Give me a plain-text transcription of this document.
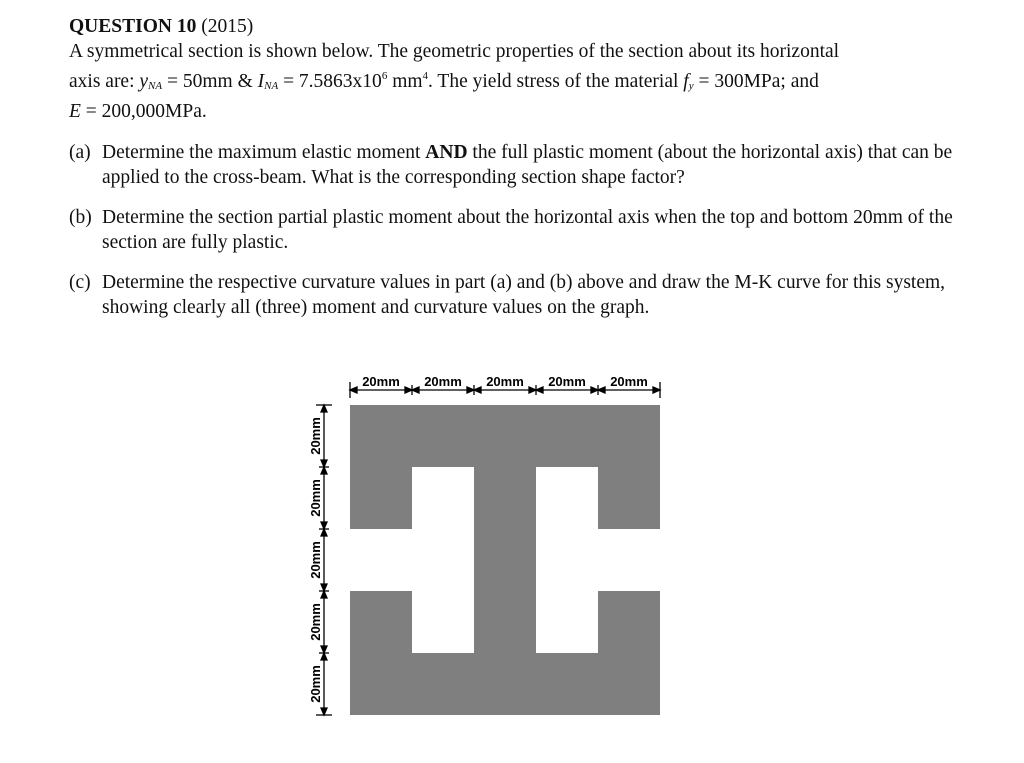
QUESTION 10 (2015)

A symmetrical section is shown below. The geometric properties of the section about its horizontal

axis are: $y_{NA} = 50mm$ & $I_{NA} = 7.5863x10^6$ $mm^4$. The yield stress of the material $f_y = 300MPa$; and

E = 200,000MPa.

(a) Determine the maximum elastic moment AND the full plastic moment (about the horizontal axis) that can be applied to the cross-beam. What is the corresponding section shape factor?
(b) Determine the section partial plastic moment about the horizontal axis when the top and bottom 20mm of the section are fully plastic.
(c) Determine the respective curvature values in part (a) and (b) above and draw the M-K curve for this system, showing clearly all (three) moment and curvature values on the graph.
20mm 20mm 20mm 20mm 20mm
20mm
20mm
20mm
20mm
20mm
